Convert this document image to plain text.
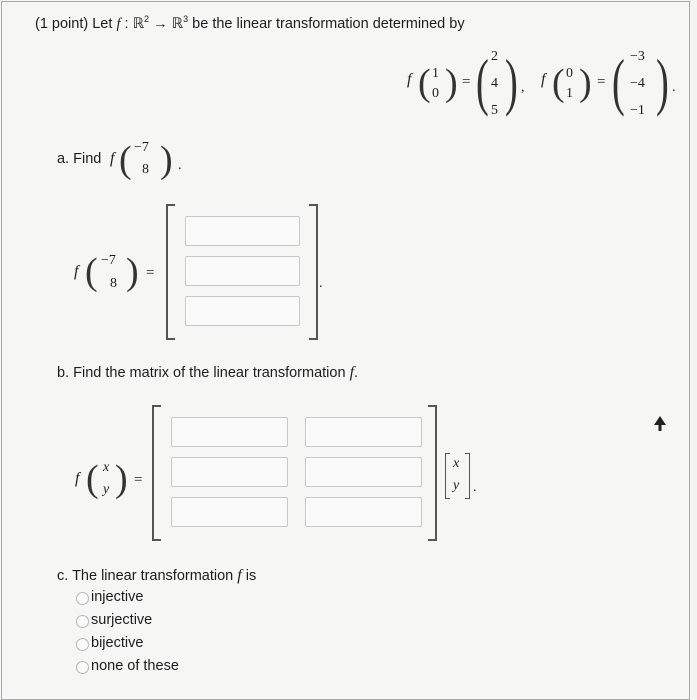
(1 point) Let f : ℝ$^2$ → ℝ$^3$ be the linear transformation determined by
f ( 1
0 ) = ( 2
4
5 ) , f ( 0
1 ) = ( −3
−4
−1 ) .
a. Find f ( −7
8 ) .
f ( −7
8 ) =
.
b. Find the matrix of the linear transformation f.
f ( x
y ) =
x
y .
c. The linear transformation f is
injective
surjective
bijective
none of these
